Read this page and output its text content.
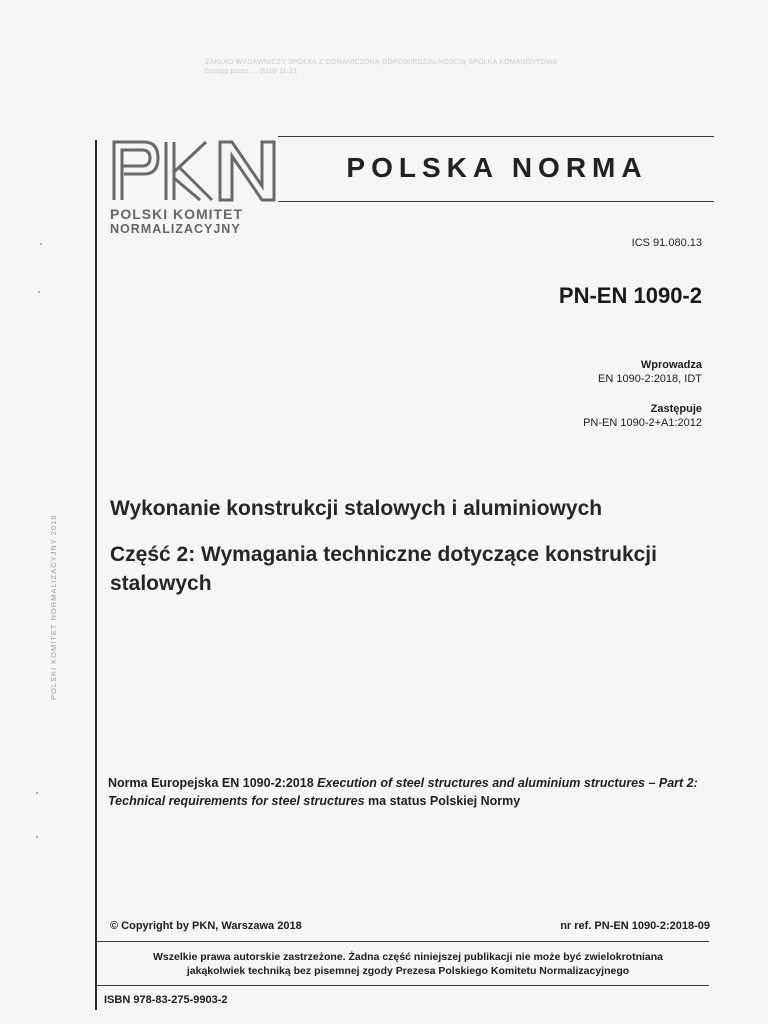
ZAKŁAD WYDAWNICZY SPÓŁKA Z OGRANICZONĄ ODPOWIEDZIALNOŚCIĄ SPÓŁKA KOMANDYTOWA
Dostęp przez … 2018-11-21
POLSKI KOMITET NORMALIZACYJNY 2018
POLSKI KOMITET
NORMALIZACYJNY
POLSKA NORMA
ICS 91.080.13
PN-EN 1090-2
Wprowadza
EN 1090-2:2018, IDT
Zastępuje
PN-EN 1090-2+A1:2012
Wykonanie konstrukcji stalowych i aluminiowych
Część 2: Wymagania techniczne dotyczące konstrukcji stalowych
Norma Europejska EN 1090-2:2018 Execution of steel structures and aluminium structures – Part 2: Technical requirements for steel structures ma status Polskiej Normy
© Copyright by PKN, Warszawa 2018	nr ref. PN-EN 1090-2:2018-09
Wszelkie prawa autorskie zastrzeżone. Żadna część niniejszej publikacji nie może być zwielokrotniana
jakąkolwiek techniką bez pisemnej zgody Prezesa Polskiego Komitetu Normalizacyjnego
ISBN 978-83-275-9903-2
